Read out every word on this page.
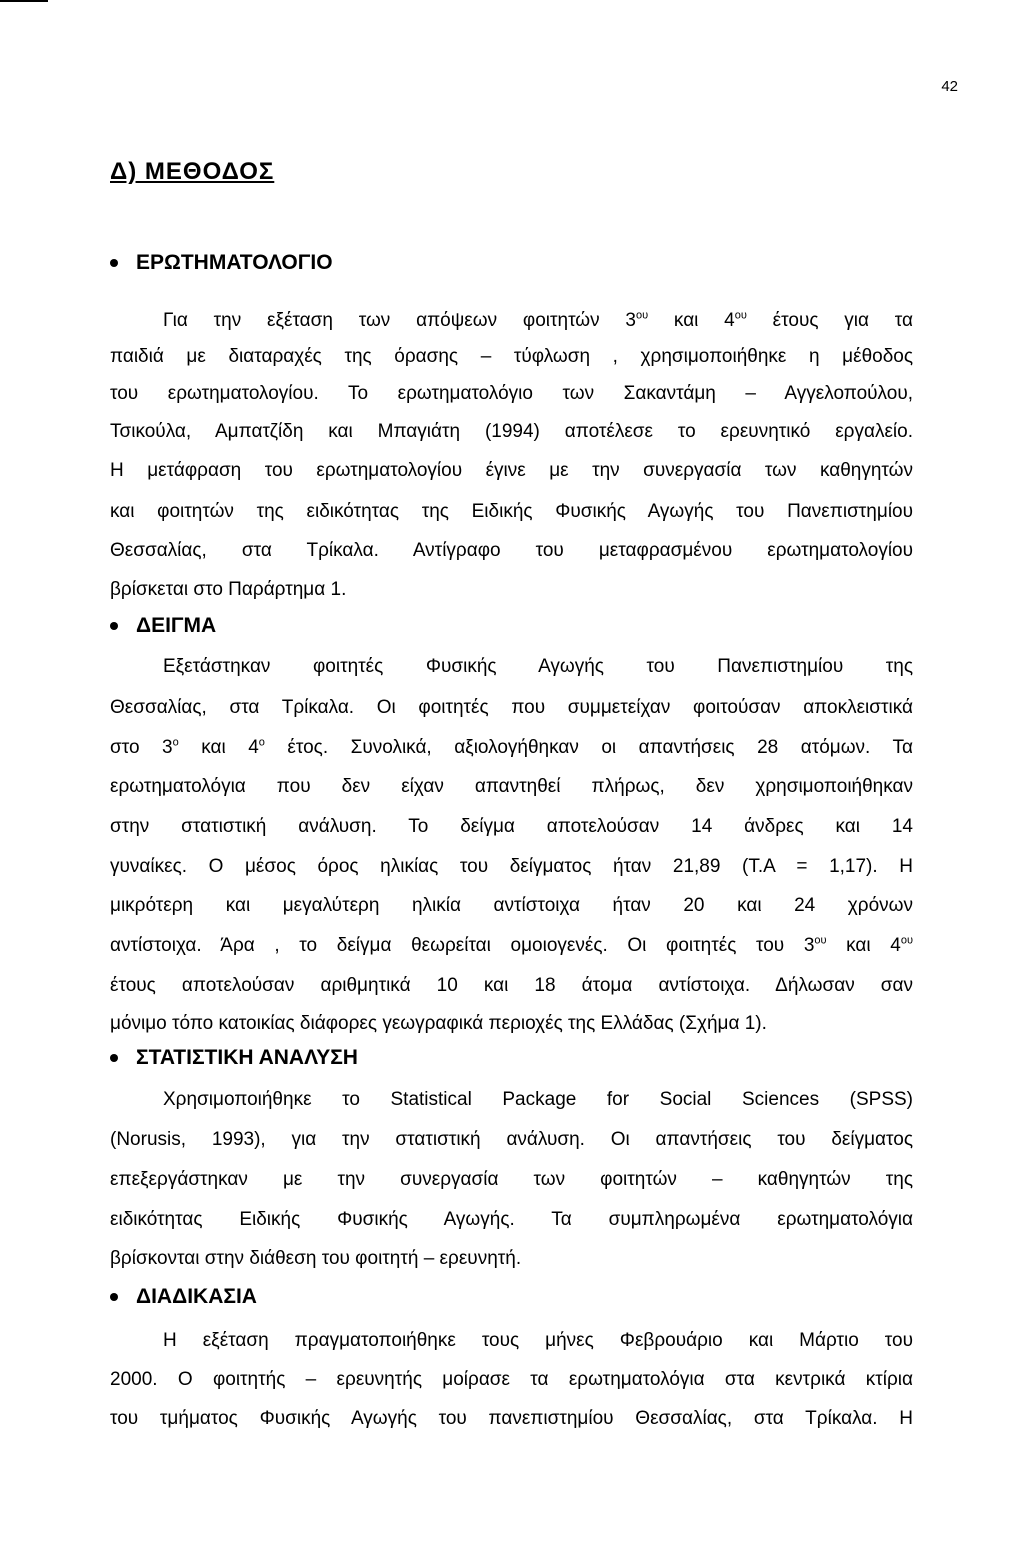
42
Δ) ΜΕΘΟΔΟΣ
ΕΡΩΤΗΜΑΤΟΛΟΓΙΟ
Για την εξέταση των απόψεων φοιτητών $3^{o\upsilon}$ και $4^{o\upsilon}$ έτους για τα
παιδιά με διαταραχές της όρασης – τύφλωση , χρησιμοποιήθηκε η μέθοδος
του ερωτηματολογίου. Το ερωτηματολόγιο των Σακαντάμη – Αγγελοπούλου,
Τσικούλα, Αμπατζίδη και Μπαγιάτη (1994) αποτέλεσε το ερευνητικό εργαλείο.
Η μετάφραση του ερωτηματολογίου έγινε με την συνεργασία των καθηγητών
και φοιτητών της ειδικότητας της Ειδικής Φυσικής Αγωγής του Πανεπιστημίου
Θεσσαλίας, στα Τρίκαλα. Αντίγραφο του μεταφρασμένου ερωτηματολογίου
βρίσκεται στο Παράρτημα 1.
ΔΕΙΓΜΑ
Εξετάστηκαν φοιτητές Φυσικής Αγωγής του Πανεπιστημίου της
Θεσσαλίας, στα Τρίκαλα. Οι φοιτητές που συμμετείχαν φοιτούσαν αποκλειστικά
στο $3^o$ και $4^o$ έτος. Συνολικά, αξιολογήθηκαν οι απαντήσεις 28 ατόμων. Τα
ερωτηματολόγια που δεν είχαν απαντηθεί πλήρως, δεν χρησιμοποιήθηκαν
στην στατιστική ανάλυση. Το δείγμα αποτελούσαν 14 άνδρες και 14
γυναίκες. Ο μέσος όρος ηλικίας του δείγματος ήταν 21,89 (Τ.Α = 1,17). Η
μικρότερη και μεγαλύτερη ηλικία αντίστοιχα ήταν 20 και 24 χρόνων
αντίστοιχα. Άρα , το δείγμα θεωρείται ομοιογενές. Οι φοιτητές του $3^{o\upsilon}$ και $4^{o\upsilon}$
έτους αποτελούσαν αριθμητικά 10 και 18 άτομα αντίστοιχα. Δήλωσαν σαν
μόνιμο τόπο κατοικίας διάφορες γεωγραφικά περιοχές της Ελλάδας (Σχήμα 1).
ΣΤΑΤΙΣΤΙΚΗ ΑΝΑΛΥΣΗ
Χρησιμοποιήθηκε το Statistical Package for Social Sciences (SPSS)
(Norusis, 1993), για την στατιστική ανάλυση. Οι απαντήσεις του δείγματος
επεξεργάστηκαν με την συνεργασία των φοιτητών – καθηγητών της
ειδικότητας Ειδικής Φυσικής Αγωγής. Τα συμπληρωμένα ερωτηματολόγια
βρίσκονται στην διάθεση του φοιτητή – ερευνητή.
ΔΙΑΔΙΚΑΣΙΑ
Η εξέταση πραγματοποιήθηκε τους μήνες Φεβρουάριο και Μάρτιο του
2000. Ο φοιτητής – ερευνητής μοίρασε τα ερωτηματολόγια στα κεντρικά κτίρια
του τμήματος Φυσικής Αγωγής του πανεπιστημίου Θεσσαλίας, στα Τρίκαλα. Η
